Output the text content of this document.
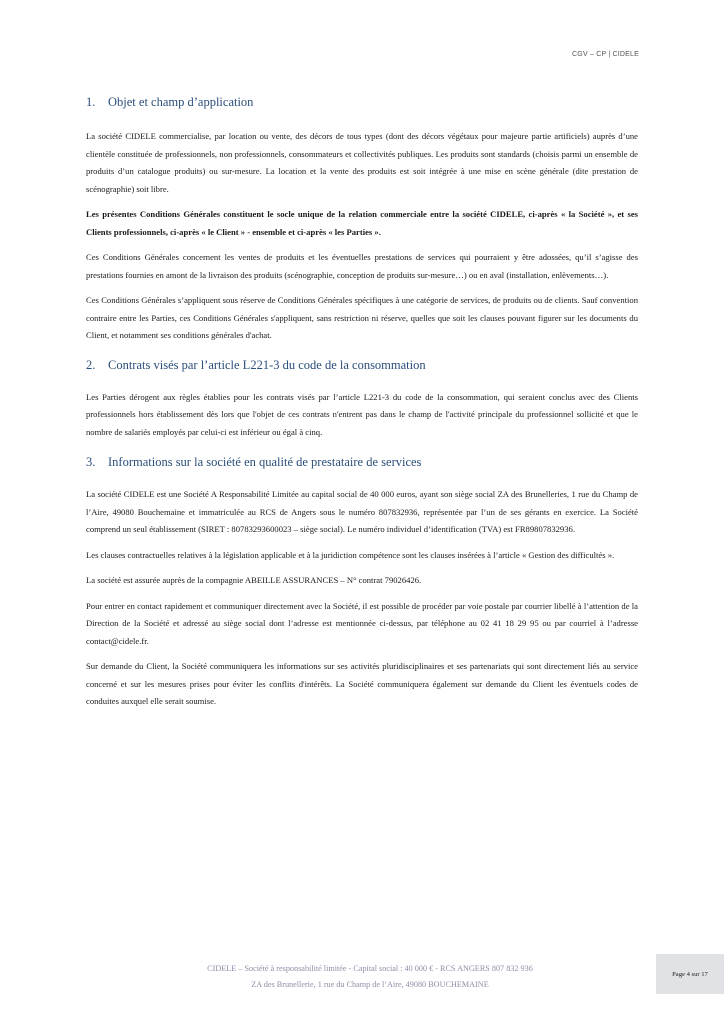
CGV – CP | CIDELE
1. Objet et champ d’application

La société CIDELE commercialise, par location ou vente, des décors de tous types (dont des décors végétaux pour majeure partie artificiels) auprès d’une clientèle constituée de professionnels, non professionnels, consommateurs et collectivités publiques. Les produits sont standards (choisis parmi un ensemble de produits d’un catalogue produits) ou sur-mesure. La location et la vente des produits est soit intégrée à une mise en scène générale (dite prestation de scénographie) soit libre.

Les présentes Conditions Générales constituent le socle unique de la relation commerciale entre la société CIDELE, ci-après « la Société », et ses Clients professionnels, ci-après « le Client » - ensemble et ci-après « les Parties ».

Ces Conditions Générales concernent les ventes de produits et les éventuelles prestations de services qui pourraient y être adossées, qu’il s’agisse des prestations fournies en amont de la livraison des produits (scénographie, conception de produits sur-mesure…) ou en aval (installation, enlèvements…).

Ces Conditions Générales s’appliquent sous réserve de Conditions Générales spécifiques à une catégorie de services, de produits ou de clients. Sauf convention contraire entre les Parties, ces Conditions Générales s'appliquent, sans restriction ni réserve, quelles que soit les clauses pouvant figurer sur les documents du Client, et notamment ses conditions générales d'achat.

2. Contrats visés par l’article L221-3 du code de la consommation

Les Parties dérogent aux règles établies pour les contrats visés par l’article L221-3 du code de la consommation, qui seraient conclus avec des Clients professionnels hors établissement dès lors que l'objet de ces contrats n'entrent pas dans le champ de l'activité principale du professionnel sollicité et que le nombre de salariés employés par celui-ci est inférieur ou égal à cinq.

3. Informations sur la société en qualité de prestataire de services

La société CIDELE est une Société A Responsabilité Limitée au capital social de 40 000 euros, ayant son siège social ZA des Brunelleries, 1 rue du Champ de l’Aire, 49080 Bouchemaine et immatriculée au RCS de Angers sous le numéro 807832936, représentée par l’un de ses gérants en exercice. La Société comprend un seul établissement (SIRET : 80783293600023 – siège social). Le numéro individuel d’identification (TVA) est FR89807832936.

Les clauses contractuelles relatives à la législation applicable et à la juridiction compétence sont les clauses insérées à l’article « Gestion des difficultés ».

La société est assurée auprès de la compagnie ABEILLE ASSURANCES – N° contrat 79026426.

Pour entrer en contact rapidement et communiquer directement avec la Société, il est possible de procéder par voie postale par courrier libellé à l’attention de la Direction de la Société et adressé au siège social dont l’adresse est mentionnée ci-dessus, par téléphone au 02 41 18 29 95 ou par courriel à l’adresse contact@cidele.fr.

Sur demande du Client, la Société communiquera les informations sur ses activités pluridisciplinaires et ses partenariats qui sont directement liés au service concerné et sur les mesures prises pour éviter les conflits d'intérêts. La Société communiquera également sur demande du Client les éventuels codes de conduites auxquel elle serait soumise.

CIDELE – Société à responsabilité limitée - Capital social : 40 000 € - RCS ANGERS 807 832 936
ZA des Brunellerie, 1 rue du Champ de l’Aire, 49080 BOUCHEMAINE
Page 4 sur 17
